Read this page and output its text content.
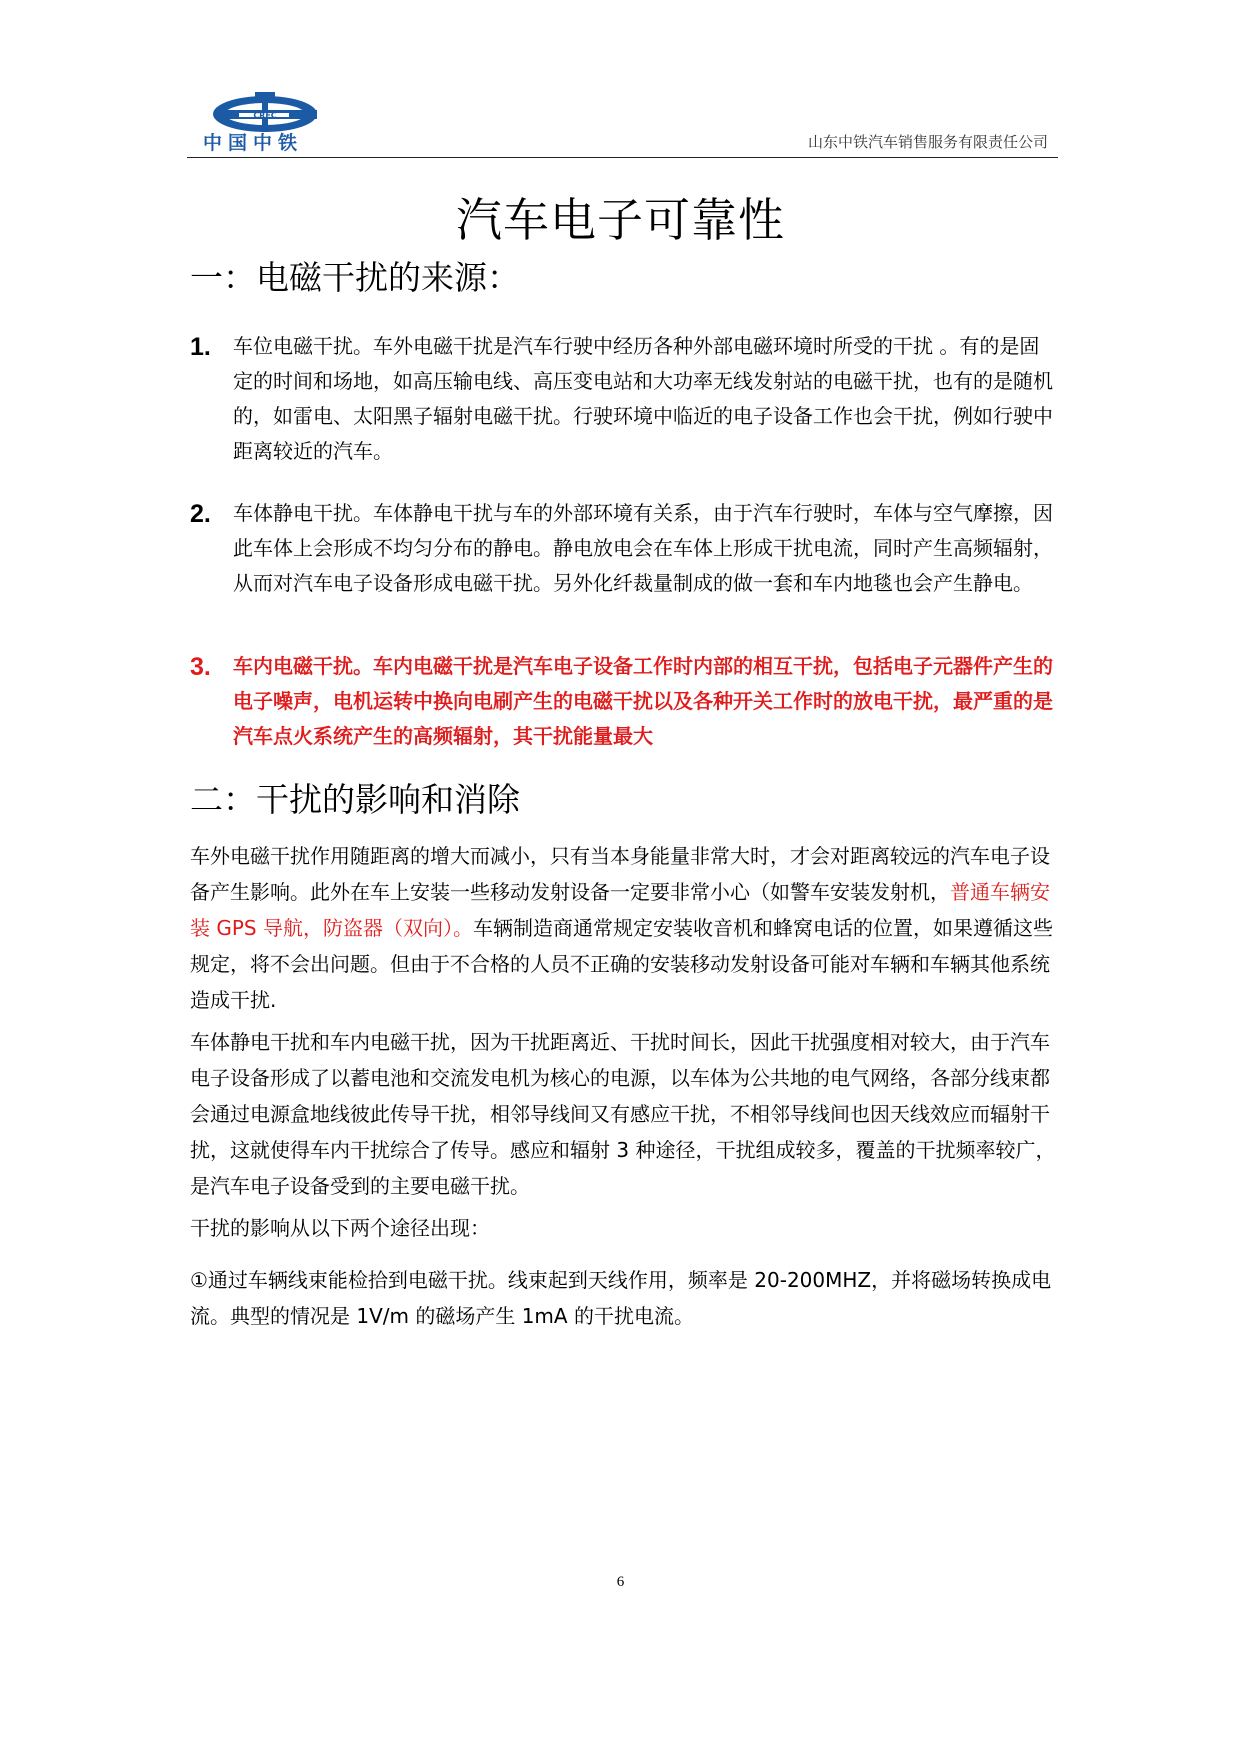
CREC
中国中铁	山东中铁汽车销售服务有限责任公司
汽车电子可靠性
一：电磁干扰的来源：
1. 车位电磁干扰。车外电磁干扰是汽车行驶中经历各种外部电磁环境时所受的干扰 。有的是固定的时间和场地，如高压输电线、高压变电站和大功率无线发射站的电磁干扰，也有的是随机的，如雷电、太阳黑子辐射电磁干扰。行驶环境中临近的电子设备工作也会干扰，例如行驶中距离较近的汽车。
2. 车体静电干扰。车体静电干扰与车的外部环境有关系，由于汽车行驶时，车体与空气摩擦，因此车体上会形成不均匀分布的静电。静电放电会在车体上形成干扰电流，同时产生高频辐射，从而对汽车电子设备形成电磁干扰。另外化纤裁量制成的做一套和车内地毯也会产生静电。
3. 车内电磁干扰。车内电磁干扰是汽车电子设备工作时内部的相互干扰，包括电子元器件产生的电子噪声，电机运转中换向电刷产生的电磁干扰以及各种开关工作时的放电干扰，最严重的是汽车点火系统产生的高频辐射，其干扰能量最大
二：干扰的影响和消除

车外电磁干扰作用随距离的增大而减小，只有当本身能量非常大时，才会对距离较远的汽车电子设备产生影响。此外在车上安装一些移动发射设备一定要非常小心（如警车安装发射机，普通车辆安装 GPS 导航，防盗器（双向）。车辆制造商通常规定安装收音机和蜂窝电话的位置，如果遵循这些规定，将不会出问题。但由于不合格的人员不正确的安装移动发射设备可能对车辆和车辆其他系统造成干扰.

车体静电干扰和车内电磁干扰，因为干扰距离近、干扰时间长，因此干扰强度相对较大，由于汽车电子设备形成了以蓄电池和交流发电机为核心的电源，以车体为公共地的电气网络，各部分线束都会通过电源盒地线彼此传导干扰，相邻导线间又有感应干扰，不相邻导线间也因天线效应而辐射干扰，这就使得车内干扰综合了传导。感应和辐射 3 种途径，干扰组成较多，覆盖的干扰频率较广，是汽车电子设备受到的主要电磁干扰。

干扰的影响从以下两个途径出现：

①通过车辆线束能检拾到电磁干扰。线束起到天线作用，频率是 20-200MHZ，并将磁场转换成电流。典型的情况是 1V/m 的磁场产生 1mA 的干扰电流。

6
